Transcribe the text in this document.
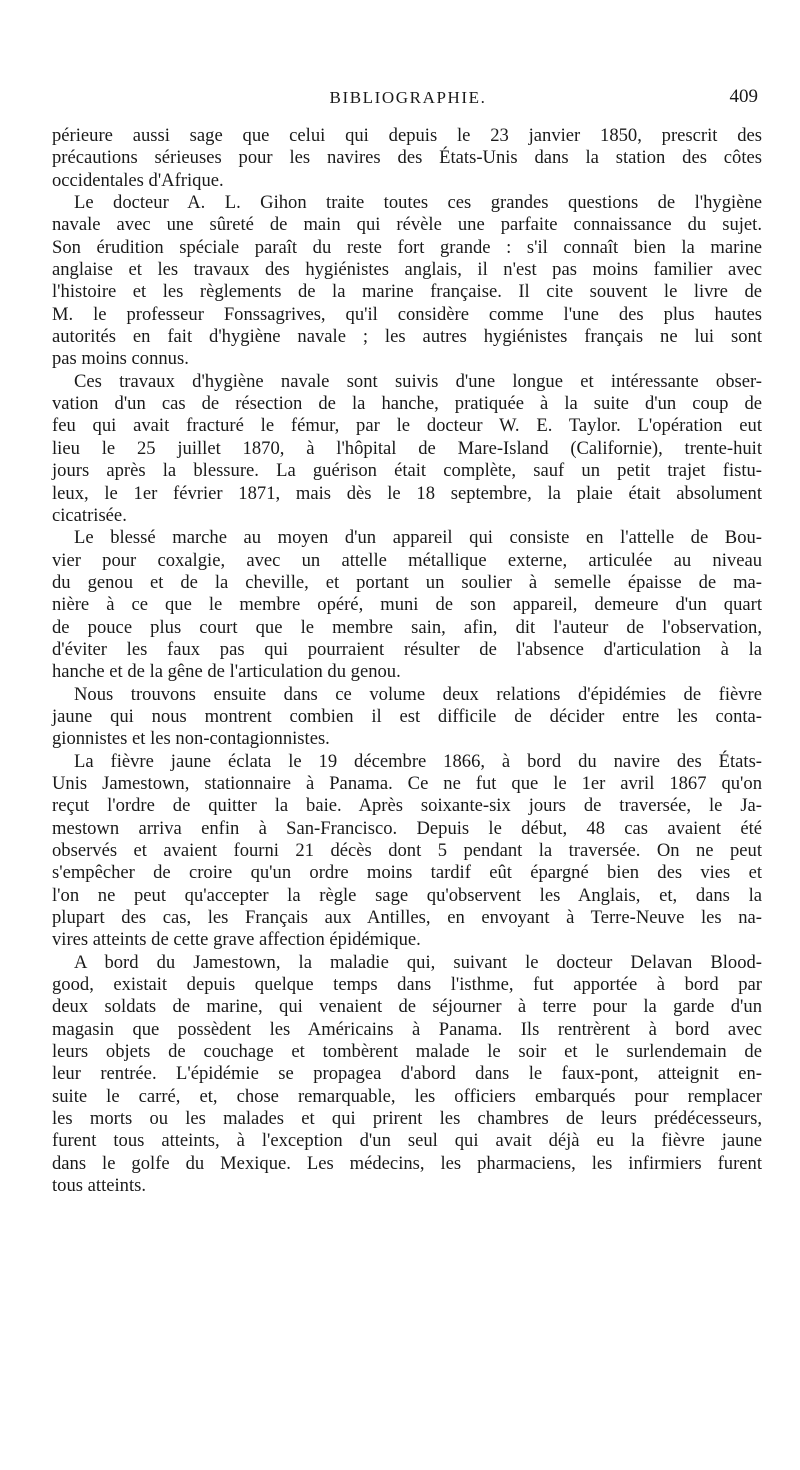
BIBLIOGRAPHIE.	409

périeure aussi sage que celui qui depuis le 23 janvier 1850, prescrit des
précautions sérieuses pour les navires des États-Unis dans la station des côtes
occidentales d'Afrique.

Le docteur A. L. Gihon traite toutes ces grandes questions de l'hygiène
navale avec une sûreté de main qui révèle une parfaite connaissance du sujet.
Son érudition spéciale paraît du reste fort grande : s'il connaît bien la marine
anglaise et les travaux des hygiénistes anglais, il n'est pas moins familier avec
l'histoire et les règlements de la marine française. Il cite souvent le livre de
M. le professeur Fonssagrives, qu'il considère comme l'une des plus hautes
autorités en fait d'hygiène navale ; les autres hygiénistes français ne lui sont
pas moins connus.

Ces travaux d'hygiène navale sont suivis d'une longue et intéressante obser-
vation d'un cas de résection de la hanche, pratiquée à la suite d'un coup de
feu qui avait fracturé le fémur, par le docteur W. E. Taylor. L'opération eut
lieu le 25 juillet 1870, à l'hôpital de Mare-Island (Californie), trente-huit
jours après la blessure. La guérison était complète, sauf un petit trajet fistu-
leux, le 1er février 1871, mais dès le 18 septembre, la plaie était absolument
cicatrisée.

Le blessé marche au moyen d'un appareil qui consiste en l'attelle de Bou-
vier pour coxalgie, avec un attelle métallique externe, articulée au niveau
du genou et de la cheville, et portant un soulier à semelle épaisse de ma-
nière à ce que le membre opéré, muni de son appareil, demeure d'un quart
de pouce plus court que le membre sain, afin, dit l'auteur de l'observation,
d'éviter les faux pas qui pourraient résulter de l'absence d'articulation à la
hanche et de la gêne de l'articulation du genou.

Nous trouvons ensuite dans ce volume deux relations d'épidémies de fièvre
jaune qui nous montrent combien il est difficile de décider entre les conta-
gionnistes et les non-contagionnistes.

La fièvre jaune éclata le 19 décembre 1866, à bord du navire des États-
Unis Jamestown, stationnaire à Panama. Ce ne fut que le 1er avril 1867 qu'on
reçut l'ordre de quitter la baie. Après soixante-six jours de traversée, le Ja-
mestown arriva enfin à San-Francisco. Depuis le début, 48 cas avaient été
observés et avaient fourni 21 décès dont 5 pendant la traversée. On ne peut
s'empêcher de croire qu'un ordre moins tardif eût épargné bien des vies et
l'on ne peut qu'accepter la règle sage qu'observent les Anglais, et, dans la
plupart des cas, les Français aux Antilles, en envoyant à Terre-Neuve les na-
vires atteints de cette grave affection épidémique.

A bord du Jamestown, la maladie qui, suivant le docteur Delavan Blood-
good, existait depuis quelque temps dans l'isthme, fut apportée à bord par
deux soldats de marine, qui venaient de séjourner à terre pour la garde d'un
magasin que possèdent les Américains à Panama. Ils rentrèrent à bord avec
leurs objets de couchage et tombèrent malade le soir et le surlendemain de
leur rentrée. L'épidémie se propagea d'abord dans le faux-pont, atteignit en-
suite le carré, et, chose remarquable, les officiers embarqués pour remplacer
les morts ou les malades et qui prirent les chambres de leurs prédécesseurs,
furent tous atteints, à l'exception d'un seul qui avait déjà eu la fièvre jaune
dans le golfe du Mexique. Les médecins, les pharmaciens, les infirmiers furent
tous atteints.
